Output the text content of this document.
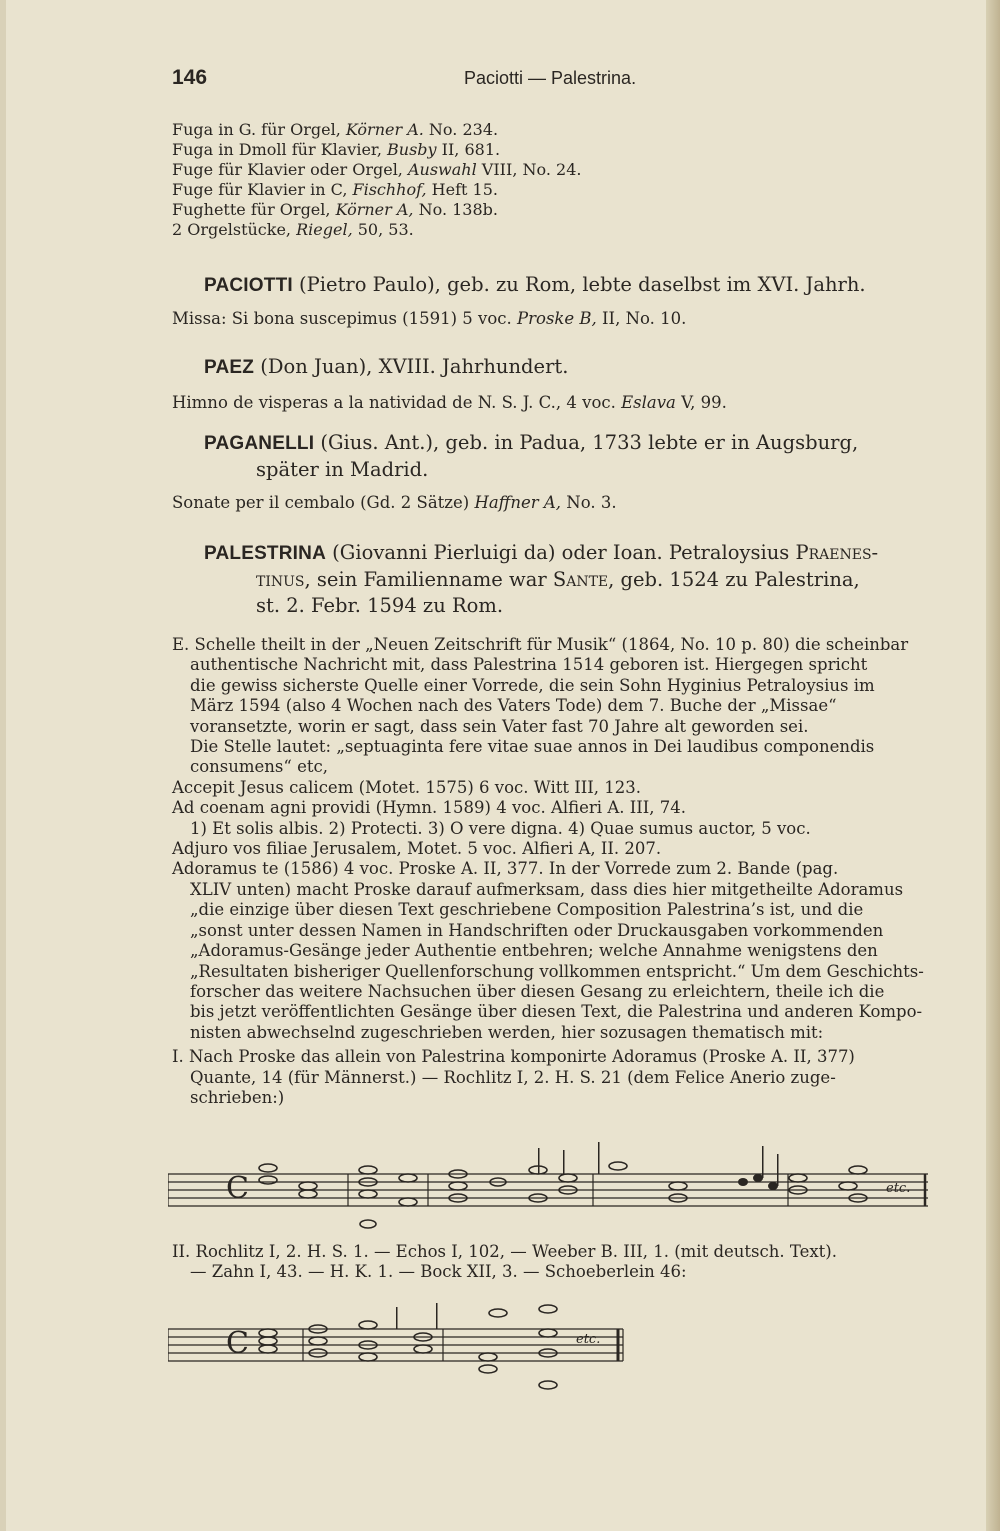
146	Paciotti — Palestrina.
Fuga in G. für Orgel, Körner A. No. 234.
Fuga in Dmoll für Klavier, Busby II, 681.
Fuge für Klavier oder Orgel, Auswahl VIII, No. 24.
Fuge für Klavier in C, Fischhof, Heft 15.
Fughette für Orgel, Körner A, No. 138b.
2 Orgelstücke, Riegel, 50, 53.
PACIOTTI (Pietro Paulo), geb. zu Rom, lebte daselbst im XVI. Jahrh.
Missa: Si bona suscepimus (1591) 5 voc. Proske B, II, No. 10.
PAEZ (Don Juan), XVIII. Jahrhundert.
Himno de visperas a la natividad de N. S. J. C., 4 voc. Eslava V, 99.
PAGANELLI (Gius. Ant.), geb. in Padua, 1733 lebte er in Augsburg,
später in Madrid.
Sonate per il cembalo (Gd. 2 Sätze) Haffner A, No. 3.
PALESTRINA (Giovanni Pierluigi da) oder Ioan. Petraloysius Praenes-
tinus, sein Familienname war Sante, geb. 1524 zu Palestrina,
st. 2. Febr. 1594 zu Rom.

E. Schelle theilt in der „Neuen Zeitschrift für Musik“ (1864, No. 10 p. 80) die scheinbar

authentische Nachricht mit, dass Palestrina 1514 geboren ist. Hiergegen spricht

die gewiss sicherste Quelle einer Vorrede, die sein Sohn Hyginius Petraloysius im

März 1594 (also 4 Wochen nach des Vaters Tode) dem 7. Buche der „Missae“

voransetzte, worin er sagt, dass sein Vater fast 70 Jahre alt geworden sei.

Die Stelle lautet: „septuaginta fere vitae suae annos in Dei laudibus componendis

consumens“ etc,

Accepit Jesus calicem (Motet. 1575) 6 voc. Witt III, 123.

Ad coenam agni providi (Hymn. 1589) 4 voc. Alfieri A. III, 74.

1) Et solis albis. 2) Protecti. 3) O vere digna. 4) Quae sumus auctor, 5 voc.

Adjuro vos filiae Jerusalem, Motet. 5 voc. Alfieri A, II. 207.

Adoramus te (1586) 4 voc. Proske A. II, 377. In der Vorrede zum 2. Bande (pag.

XLIV unten) macht Proske darauf aufmerksam, dass dies hier mitgetheilte Adoramus

„die einzige über diesen Text geschriebene Composition Palestrina’s ist, und die

„sonst unter dessen Namen in Handschriften oder Druckausgaben vorkommenden

„Adoramus-Gesänge jeder Authentie entbehren; welche Annahme wenigstens den

„Resultaten bisheriger Quellenforschung vollkommen entspricht.“ Um dem Geschichts-

forscher das weitere Nachsuchen über diesen Gesang zu erleichtern, theile ich die

bis jetzt veröffentlichten Gesänge über diesen Text, die Palestrina und anderen Kompo-

nisten abwechselnd zugeschrieben werden, hier sozusagen thematisch mit:

I. Nach Proske das allein von Palestrina komponirte Adoramus (Proske A. II, 377)

Quante, 14 (für Männerst.) — Rochlitz I, 2. H. S. 21 (dem Felice Anerio zuge-

schrieben:)

C	etc.

II. Rochlitz I, 2. H. S. 1. — Echos I, 102, — Weeber B. III, 1. (mit deutsch. Text).

— Zahn I, 43. — H. K. 1. — Bock XII, 3. — Schoeberlein 46:

C	etc.
